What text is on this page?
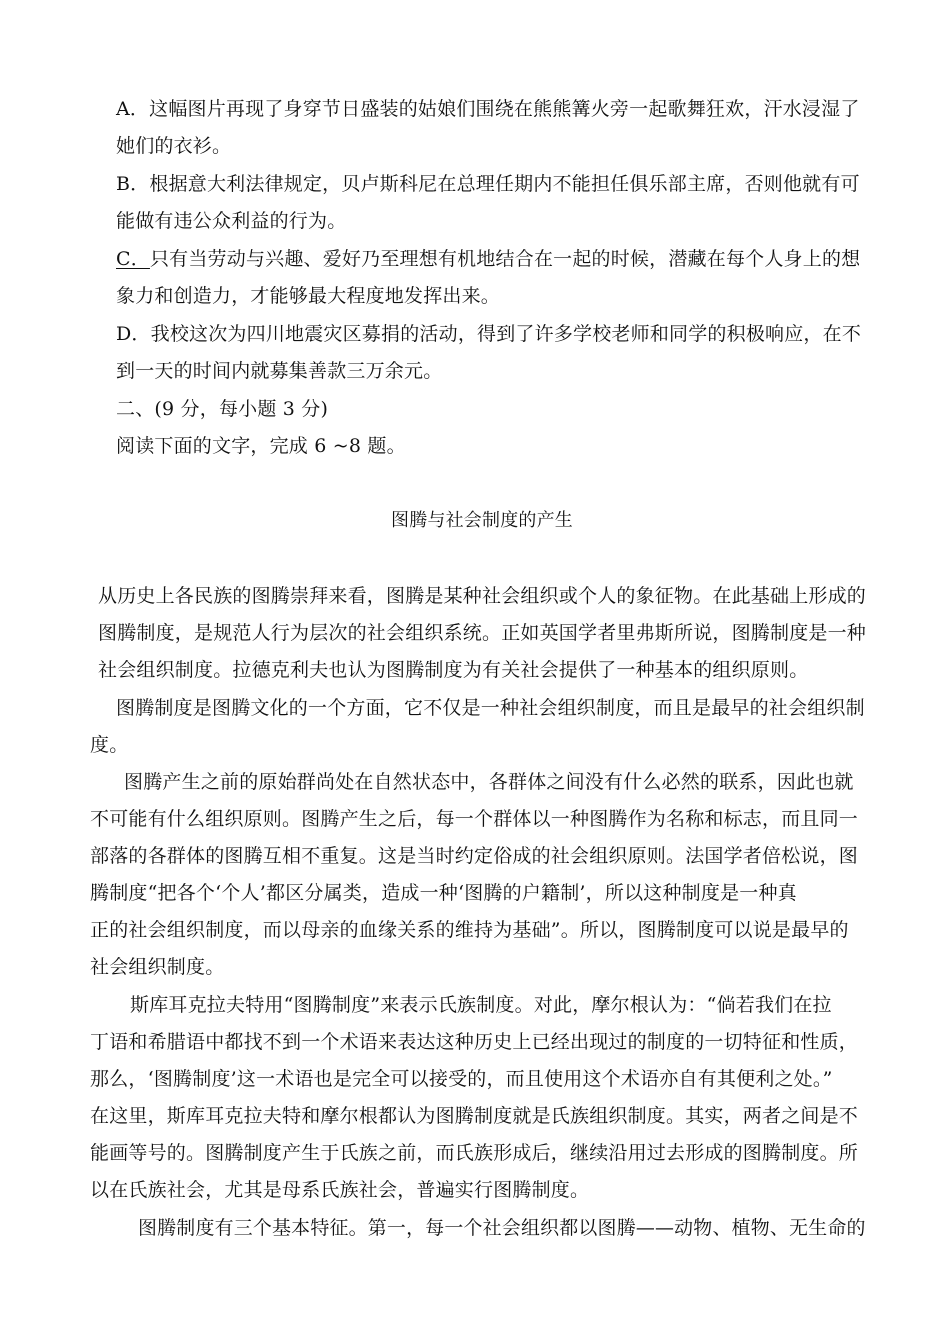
A．这幅图片再现了身穿节日盛装的姑娘们围绕在熊熊篝火旁一起歌舞狂欢，汗水浸湿了
她们的衣衫。
B．根据意大利法律规定，贝卢斯科尼在总理任期内不能担任俱乐部主席，否则他就有可
能做有违公众利益的行为。
C．只有当劳动与兴趣、爱好乃至理想有机地结合在一起的时候，潜藏在每个人身上的想
象力和创造力，才能够最大程度地发挥出来。
D．我校这次为四川地震灾区募捐的活动，得到了许多学校老师和同学的积极响应，在不
到一天的时间内就募集善款三万余元。
二、(9 分，每小题 3 分)
阅读下面的文字，完成 6 ~8 题。
图腾与社会制度的产生
从历史上各民族的图腾崇拜来看，图腾是某种社会组织或个人的象征物。在此基础上形成的
图腾制度，是规范人行为层次的社会组织系统。正如英国学者里弗斯所说，图腾制度是一种
社会组织制度。拉德克利夫也认为图腾制度为有关社会提供了一种基本的组织原则。
图腾制度是图腾文化的一个方面，它不仅是一种社会组织制度，而且是最早的社会组织制
度。
图腾产生之前的原始群尚处在自然状态中，各群体之间没有什么必然的联系，因此也就
不可能有什么组织原则。图腾产生之后，每一个群体以一种图腾作为名称和标志，而且同一
部落的各群体的图腾互相不重复。这是当时约定俗成的社会组织原则。法国学者倍松说，图
腾制度“把各个‘个人’都区分属类，造成一种‘图腾的户籍制’，所以这种制度是一种真
正的社会组织制度，而以母亲的血缘关系的维持为基础”。所以，图腾制度可以说是最早的
社会组织制度。
斯库耳克拉夫特用“图腾制度”来表示氏族制度。对此，摩尔根认为：“倘若我们在拉
丁语和希腊语中都找不到一个术语来表达这种历史上已经出现过的制度的一切特征和性质，
那么，‘图腾制度’这一术语也是完全可以接受的，而且使用这个术语亦自有其便利之处。”
在这里，斯库耳克拉夫特和摩尔根都认为图腾制度就是氏族组织制度。其实，两者之间是不
能画等号的。图腾制度产生于氏族之前，而氏族形成后，继续沿用过去形成的图腾制度。所
以在氏族社会，尤其是母系氏族社会，普遍实行图腾制度。
图腾制度有三个基本特征。第一，每一个社会组织都以图腾——动物、植物、无生命的
